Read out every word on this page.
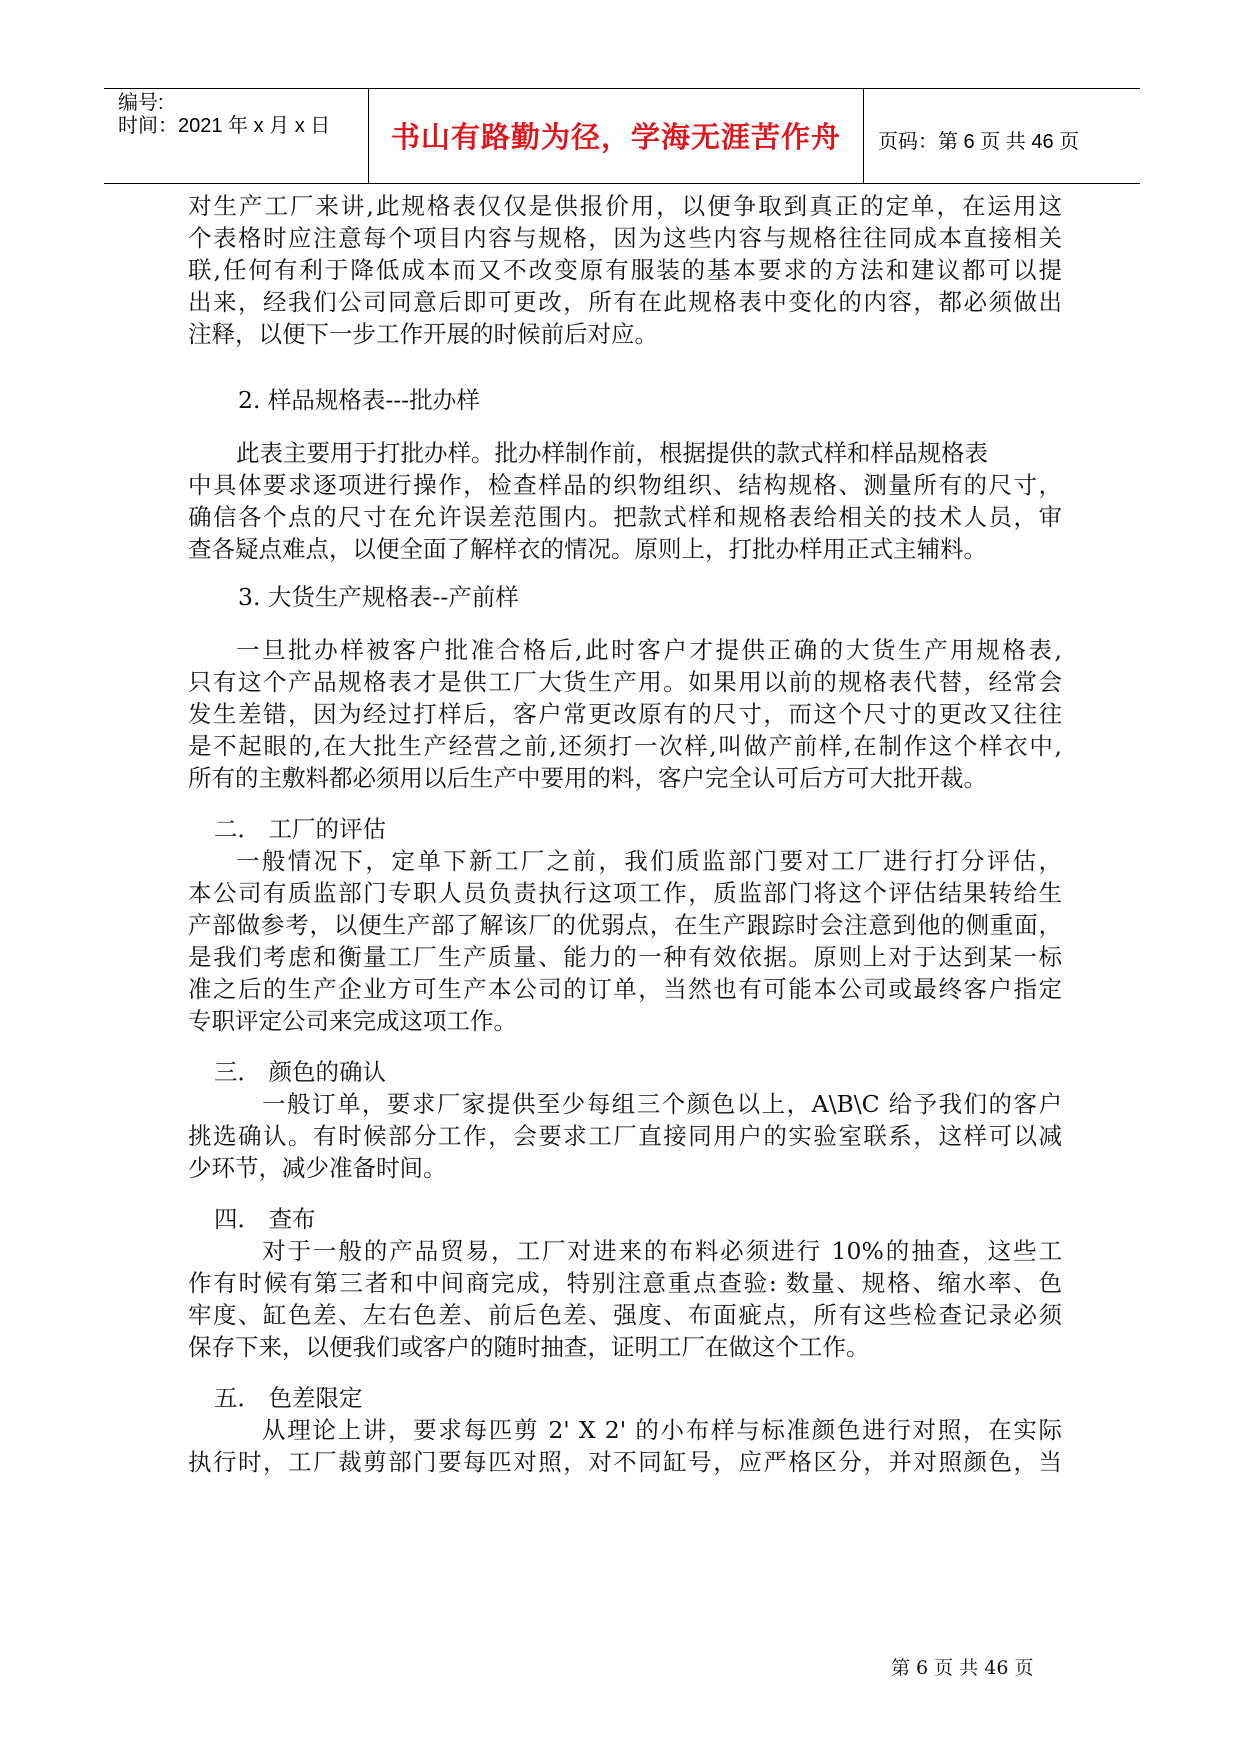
编号:
时间：2021 年 x 月 x 日	书山有路勤为径，学海无涯苦作舟	页码：第 6 页 共 46 页
对生产工厂来讲,此规格表仅仅是供报价用，以便争取到真正的定单，在运用这
个表格时应注意每个项目内容与规格，因为这些内容与规格往往同成本直接相关
联,任何有利于降低成本而又不改变原有服装的基本要求的方法和建议都可以提
出来，经我们公司同意后即可更改，所有在此规格表中变化的内容，都必须做出
注释，以便下一步工作开展的时候前后对应。
2. 样品规格表---批办样
此表主要用于打批办样。批办样制作前，根据提供的款式样和样品规格表
中具体要求逐项进行操作，检查样品的织物组织、结构规格、测量所有的尺寸，
确信各个点的尺寸在允许误差范围内。把款式样和规格表给相关的技术人员，审
查各疑点难点，以便全面了解样衣的情况。原则上，打批办样用正式主辅料。
3. 大货生产规格表--产前样
一旦批办样被客户批准合格后,此时客户才提供正确的大货生产用规格表,
只有这个产品规格表才是供工厂大货生产用。如果用以前的规格表代替，经常会
发生差错，因为经过打样后，客户常更改原有的尺寸，而这个尺寸的更改又往往
是不起眼的,在大批生产经营之前,还须打一次样,叫做产前样,在制作这个样衣中,
所有的主敷料都必须用以后生产中要用的料，客户完全认可后方可大批开裁。
二． 工厂的评估
一般情况下，定单下新工厂之前，我们质监部门要对工厂进行打分评估，
本公司有质监部门专职人员负责执行这项工作，质监部门将这个评估结果转给生
产部做参考，以便生产部了解该厂的优弱点，在生产跟踪时会注意到他的侧重面，
是我们考虑和衡量工厂生产质量、能力的一种有效依据。原则上对于达到某一标
准之后的生产企业方可生产本公司的订单，当然也有可能本公司或最终客户指定
专职评定公司来完成这项工作。
三． 颜色的确认
一般订单，要求厂家提供至少每组三个颜色以上，A\B\C 给予我们的客户
挑选确认。有时候部分工作，会要求工厂直接同用户的实验室联系，这样可以减
少环节，减少准备时间。
四． 查布
对于一般的产品贸易，工厂对进来的布料必须进行 10%的抽查，这些工
作有时候有第三者和中间商完成，特别注意重点查验: 数量、规格、缩水率、色
牢度、缸色差、左右色差、前后色差、强度、布面疵点，所有这些检查记录必须
保存下来，以便我们或客户的随时抽查，证明工厂在做这个工作。
五． 色差限定
从理论上讲，要求每匹剪 2' X 2' 的小布样与标准颜色进行对照，在实际
执行时，工厂裁剪部门要每匹对照，对不同缸号，应严格区分，并对照颜色，当
第 6 页 共 46 页
